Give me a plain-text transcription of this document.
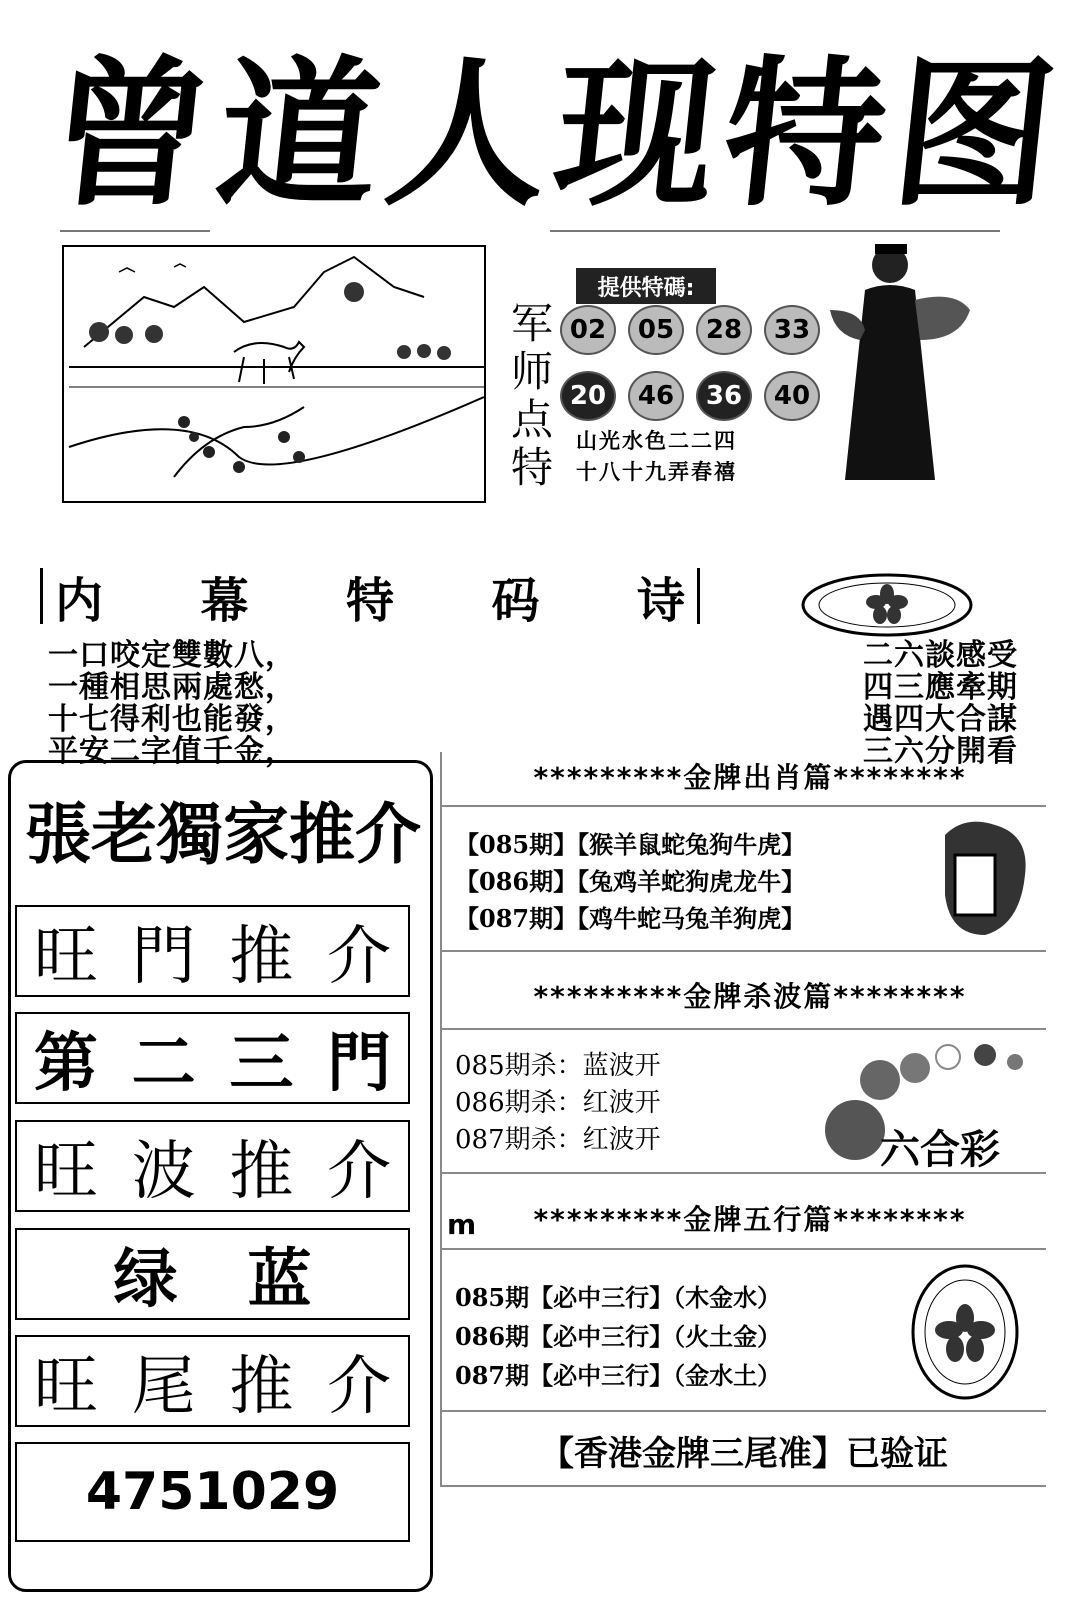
曾
道
人
现
特
图
提供特碼:
军
师
点
特
02	05	28	33
20	46	36	40
山光水色二二四
十八十九弄春禧
内 幕 特 码 诗
一口咬定雙數八，	二六談感受
一種相思兩處愁，	四三應牽期
十七得利也能發，	遇四大合謀
平安二字值千金，	三六分開看
張 老 獨 家 推 介
旺 門 推 介
第 二 三 門
旺 波 推 介
绿 蓝
旺 尾 推 介
4751029
*********金牌出肖篇********
【085期】【猴羊鼠蛇兔狗牛虎】
【086期】【兔鸡羊蛇狗虎龙牛】
【087期】【鸡牛蛇马兔羊狗虎】
*********金牌杀波篇********
085期杀：蓝波开
086期杀：红波开
087期杀：红波开	六合彩
m	*********金牌五行篇********
085期【必中三行】（木金水）
086期【必中三行】（火土金）
087期【必中三行】（金水土）
【香港金牌三尾准】已验证
